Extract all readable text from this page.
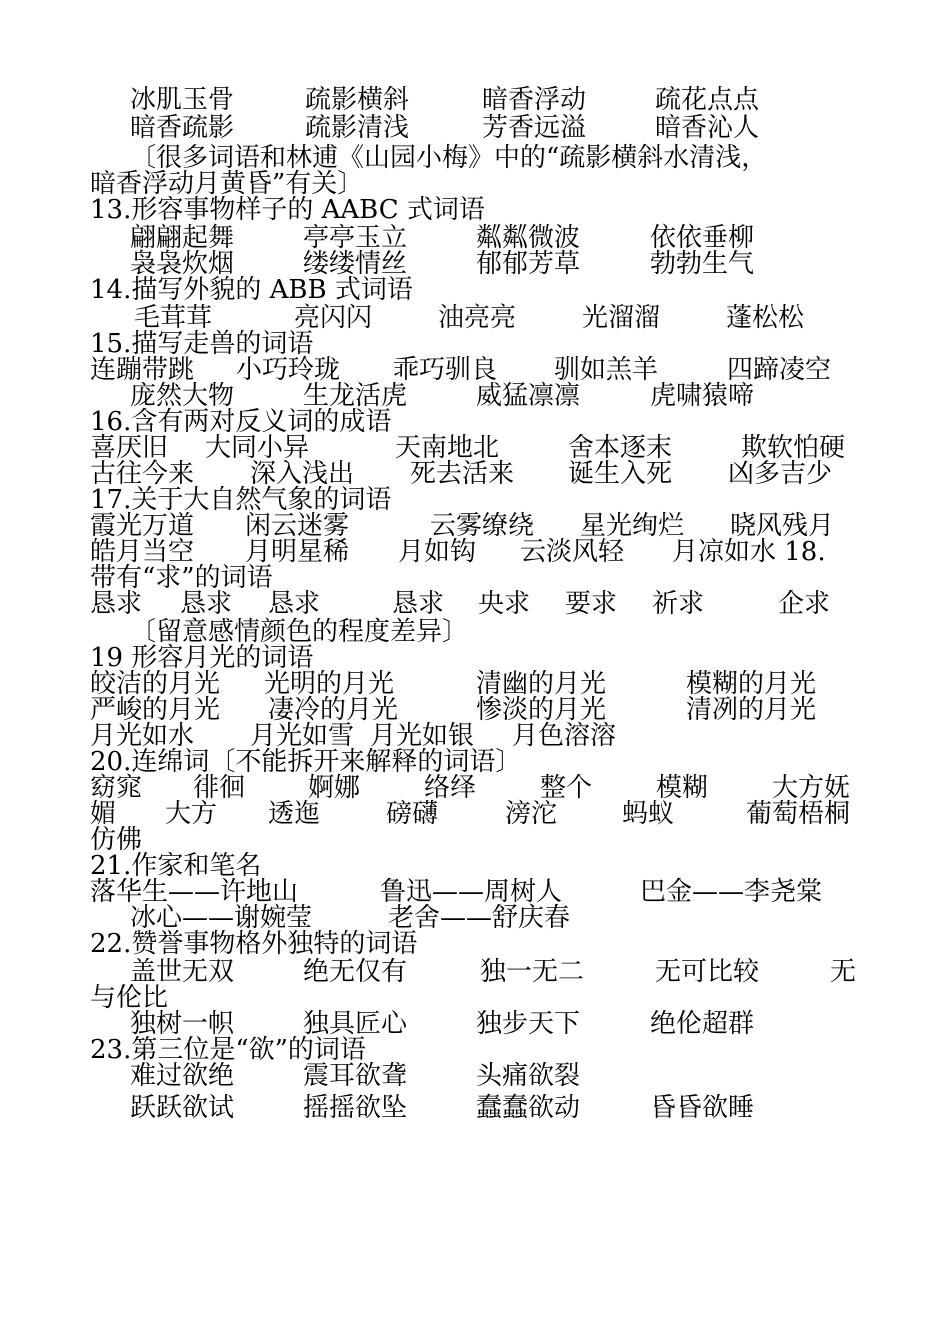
冰肌玉骨	疏影横斜	暗香浮动	疏花点点
暗香疏影	疏影清浅	芳香远溢	暗香沁人
〔很多词语和林逋《山园小梅》中的“疏影横斜水清浅，
暗香浮动月黄昏”有关〕
13.形容事物样子的 AABC 式词语
翩翩起舞	亭亭玉立	粼粼微波	依依垂柳
袅袅炊烟	缕缕情丝	郁郁芳草	勃勃生气
14.描写外貌的 ABB 式词语
毛茸茸	亮闪闪	油亮亮	光溜溜	蓬松松
15.描写走兽的词语
连蹦带跳 小巧玲珑 乖巧驯良 驯如羔羊	四蹄凌空
庞然大物	生龙活虎	威猛凛凛	虎啸猿啼
16.含有两对反义词的成语
喜厌旧 大同小异	天南地北	舍本逐末	欺软怕硬
古往今来 深入浅出 死去活来 诞生入死 凶多吉少
17.关于大自然气象的词语
霞光万道 闲云迷雾	云雾缭绕 星光绚烂 晓风残月
皓月当空 月明星稀 月如钩 云淡风轻 月凉如水 18.
带有“求”的词语
恳求 恳求 恳求	恳求 央求 要求 祈求	企求
〔留意感情颜色的程度差异〕
19 形容月光的词语
皎洁的月光 光明的月光	清幽的月光	模糊的月光
严峻的月光 凄冷的月光	惨淡的月光	清冽的月光
月光如水 月光如雪 月光如银 月色溶溶
20.连绵词〔不能拆开来解释的词语〕
窈窕 徘徊 婀娜 络绎 整个 模糊 大方妩
媚 大方 透迤	磅礴	滂沱 蚂蚁	葡萄梧桐
仿佛
21.作家和笔名
落华生——许地山	鲁迅——周树人	巴金——李尧棠
冰心——谢婉莹	老舍——舒庆春
22.赞誉事物格外独特的词语
盖世无双	绝无仅有	独一无二	无可比较	无
与伦比
独树一帜	独具匠心	独步天下	绝伦超群
23.第三位是“欲”的词语
难过欲绝	震耳欲聋	头痛欲裂
跃跃欲试	摇摇欲坠	蠢蠢欲动	昏昏欲睡
